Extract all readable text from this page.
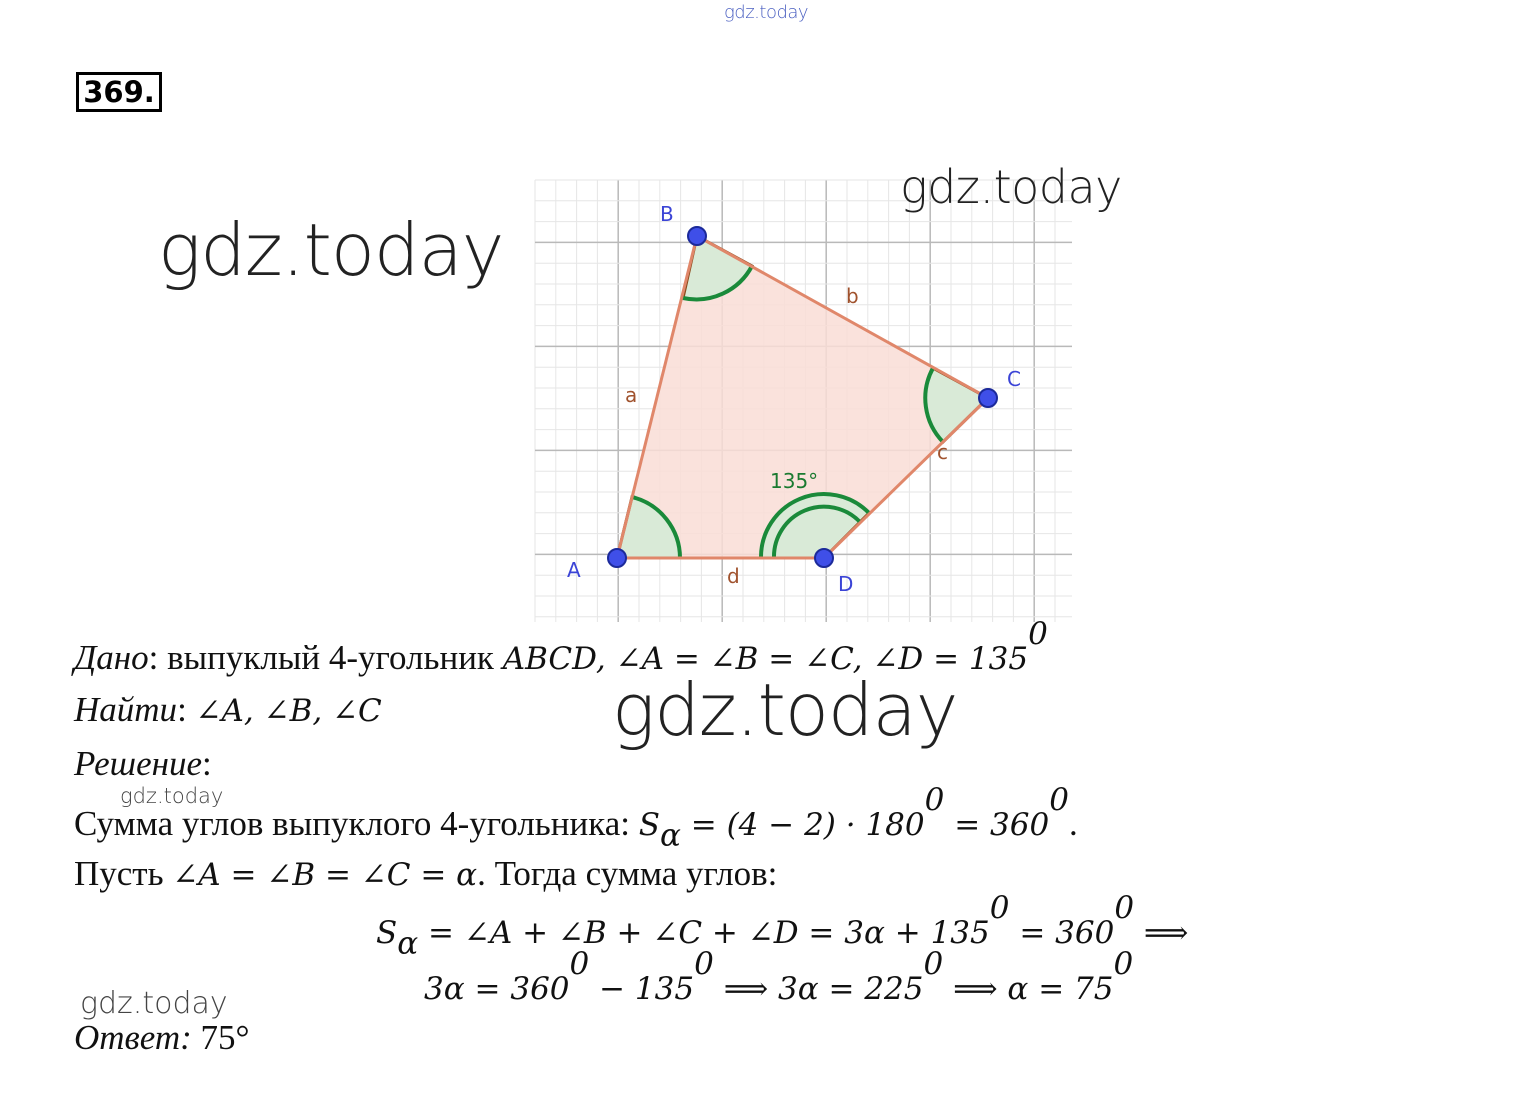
gdz.today
369.
A
B
C
D
a
b
c
d
135°
gdz.today
gdz.today
Дано: выпуклый 4-угольник ABCD, ∠A = ∠B = ∠C, ∠D = $135^0$
gdz.today
Найти: ∠A, ∠B, ∠C
Решение:
gdz.today
Сумма углов выпуклого 4-угольника: $S_\alpha = (4 - 2) \cdot 180^0 = 360^0$.
Пусть ∠A = ∠B = ∠C = α. Тогда сумма углов:
$S_\alpha$ = ∠A + ∠B + ∠C + ∠D = $3\alpha + 135^0 = 360^0$ ⟹
$3\alpha = 360^0 - 135^0$ ⟹ $3\alpha = 225^0$ ⟹ $\alpha = 75^0$
gdz.today
Ответ: 75°
